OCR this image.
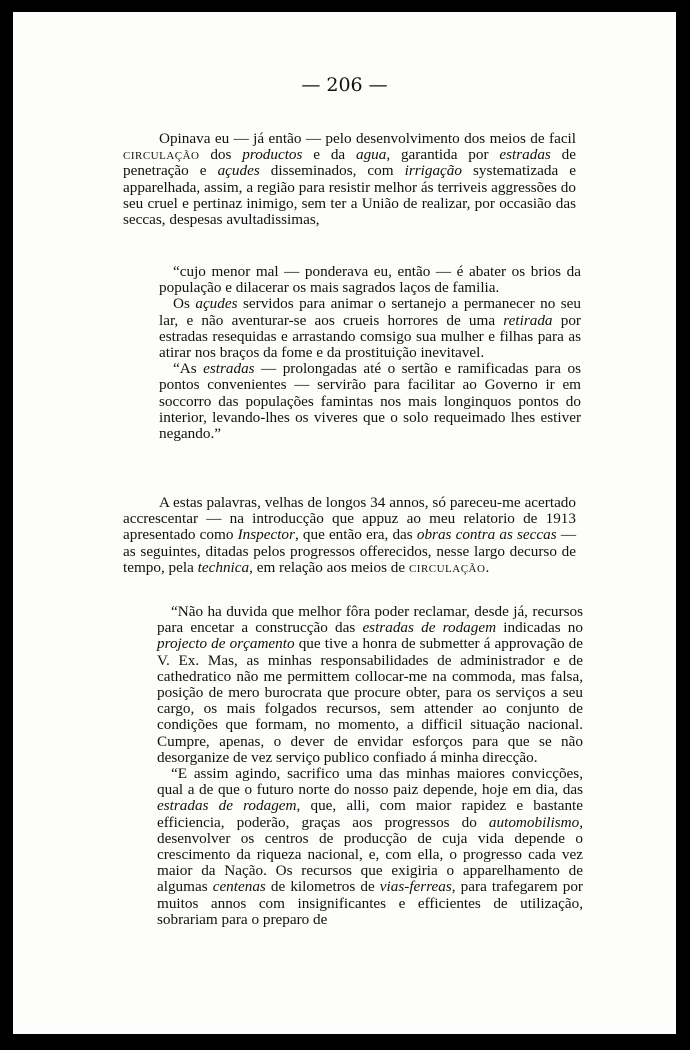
— 206 —

Opinava eu — já então — pelo desenvolvimento dos meios de facil circulação dos productos e da agua, garantida por estradas de penetração e açudes disseminados, com irrigação systematizada e apparelhada, assim, a região para resistir melhor ás terriveis aggressões do seu cruel e pertinaz inimigo, sem ter a União de realizar, por occasião das seccas, despesas avultadissimas,

“cujo menor mal — ponderava eu, então — é abater os brios da população e dilacerar os mais sagrados laços de familia.

Os açudes servidos para animar o sertanejo a permanecer no seu lar, e não aventurar-se aos crueis horrores de uma retirada por estradas resequidas e arrastando comsigo sua mulher e filhas para as atirar nos braços da fome e da prostituição inevitavel.

“As estradas — prolongadas até o sertão e ramificadas para os pontos convenientes — servirão para facilitar ao Governo ir em soccorro das populações famintas nos mais longinquos pontos do interior, levando-lhes os viveres que o solo requeimado lhes estiver negando.”

A estas palavras, velhas de longos 34 annos, só pareceu-me acertado accrescentar — na introducção que appuz ao meu relatorio de 1913 apresentado como Inspector, que então era, das obras contra as seccas — as seguintes, ditadas pelos progressos offerecidos, nesse largo decurso de tempo, pela technica, em relação aos meios de circulação.

“Não ha duvida que melhor fôra poder reclamar, desde já, recursos para encetar a construcção das estradas de rodagem indicadas no projecto de orçamento que tive a honra de submetter á approvação de V. Ex. Mas, as minhas responsabilidades de administrador e de cathedratico não me permittem collocar-me na commoda, mas falsa, posição de mero burocrata que procure obter, para os serviços a seu cargo, os mais folgados recursos, sem attender ao conjunto de condições que formam, no momento, a difficil situação nacional. Cumpre, apenas, o dever de envidar esforços para que se não desorganize de vez serviço publico confiado á minha direcção.

“E assim agindo, sacrifico uma das minhas maiores convicções, qual a de que o futuro norte do nosso paiz depende, hoje em dia, das estradas de rodagem, que, alli, com maior rapidez e bastante efficiencia, poderão, graças aos progressos do automobilismo, desenvolver os centros de producção de cuja vida depende o crescimento da riqueza nacional, e, com ella, o progresso cada vez maior da Nação. Os recursos que exigiria o apparelhamento de algumas centenas de kilometros de vias-ferreas, para trafegarem por muitos annos com insignificantes e efficientes de utilização, sobrariam para o preparo de
